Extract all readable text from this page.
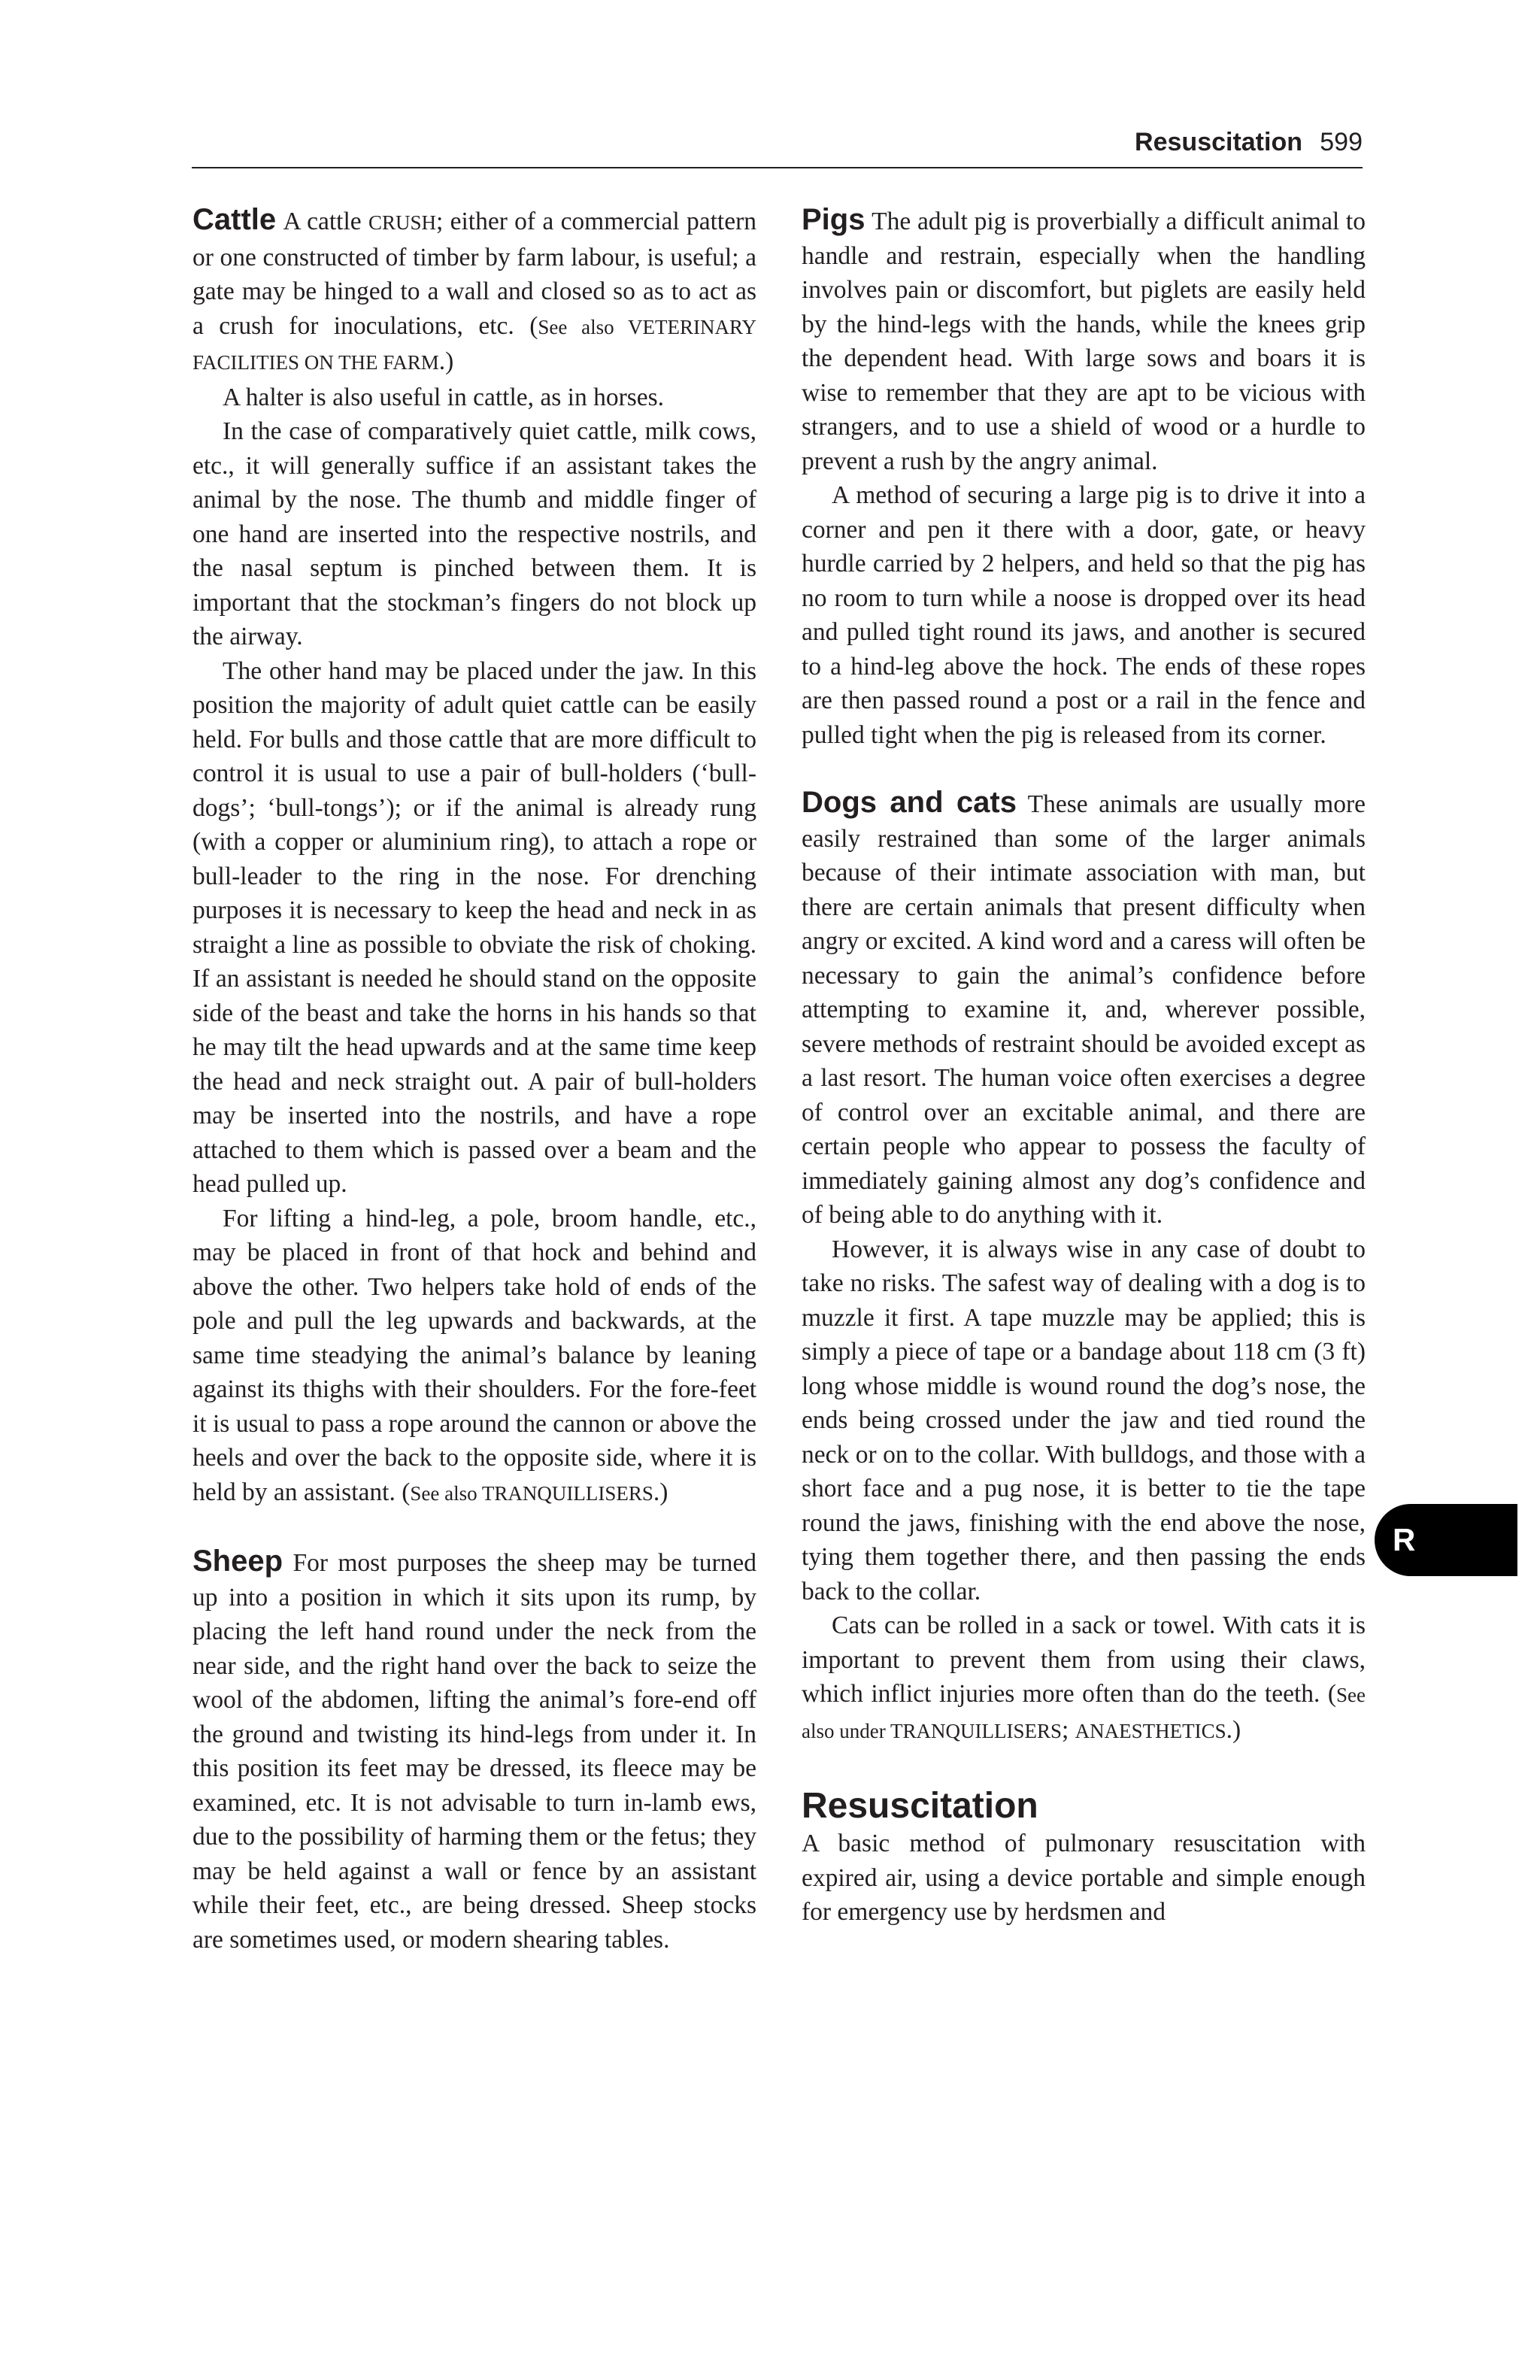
Resuscitation 599

Cattle A cattle CRUSH; either of a commercial pattern or one constructed of timber by farm labour, is useful; a gate may be hinged to a wall and closed so as to act as a crush for inoculations, etc. (See also VETERINARY FACILITIES ON THE FARM.)

A halter is also useful in cattle, as in horses.

In the case of comparatively quiet cattle, milk cows, etc., it will generally suffice if an assistant takes the animal by the nose. The thumb and middle finger of one hand are inserted into the respective nostrils, and the nasal septum is pinched between them. It is important that the stockman’s fingers do not block up the airway.

The other hand may be placed under the jaw. In this position the majority of adult quiet cattle can be easily held. For bulls and those cattle that are more difficult to control it is usual to use a pair of bull-holders (‘bull-dogs’; ‘bull-tongs’); or if the animal is already rung (with a copper or aluminium ring), to attach a rope or bull-leader to the ring in the nose. For drenching purposes it is necessary to keep the head and neck in as straight a line as possible to obviate the risk of choking. If an assistant is needed he should stand on the opposite side of the beast and take the horns in his hands so that he may tilt the head upwards and at the same time keep the head and neck straight out. A pair of bull-holders may be inserted into the nostrils, and have a rope attached to them which is passed over a beam and the head pulled up.

For lifting a hind-leg, a pole, broom handle, etc., may be placed in front of that hock and behind and above the other. Two helpers take hold of ends of the pole and pull the leg upwards and backwards, at the same time steadying the animal’s balance by leaning against its thighs with their shoulders. For the fore-feet it is usual to pass a rope around the cannon or above the heels and over the back to the opposite side, where it is held by an assistant. (See also TRANQUILLISERS.)

Sheep For most purposes the sheep may be turned up into a position in which it sits upon its rump, by placing the left hand round under the neck from the near side, and the right hand over the back to seize the wool of the abdomen, lifting the animal’s fore-end off the ground and twisting its hind-legs from under it. In this position its feet may be dressed, its fleece may be examined, etc. It is not advisable to turn in-lamb ews, due to the possibility of harming them or the fetus; they may be held against a wall or fence by an assistant while their feet, etc., are being dressed. Sheep stocks are sometimes used, or modern shearing tables.

Pigs The adult pig is proverbially a difficult animal to handle and restrain, especially when the handling involves pain or discomfort, but piglets are easily held by the hind-legs with the hands, while the knees grip the dependent head. With large sows and boars it is wise to remember that they are apt to be vicious with strangers, and to use a shield of wood or a hurdle to prevent a rush by the angry animal.

A method of securing a large pig is to drive it into a corner and pen it there with a door, gate, or heavy hurdle carried by 2 helpers, and held so that the pig has no room to turn while a noose is dropped over its head and pulled tight round its jaws, and another is secured to a hind-leg above the hock. The ends of these ropes are then passed round a post or a rail in the fence and pulled tight when the pig is released from its corner.

Dogs and cats These animals are usually more easily restrained than some of the larger animals because of their intimate association with man, but there are certain animals that present difficulty when angry or excited. A kind word and a caress will often be necessary to gain the animal’s confidence before attempting to examine it, and, wherever possible, severe methods of restraint should be avoided except as a last resort. The human voice often exercises a degree of control over an excitable animal, and there are certain people who appear to possess the faculty of immediately gaining almost any dog’s confidence and of being able to do anything with it.

However, it is always wise in any case of doubt to take no risks. The safest way of dealing with a dog is to muzzle it first. A tape muzzle may be applied; this is simply a piece of tape or a bandage about 118 cm (3 ft) long whose middle is wound round the dog’s nose, the ends being crossed under the jaw and tied round the neck or on to the collar. With bulldogs, and those with a short face and a pug nose, it is better to tie the tape round the jaws, finishing with the end above the nose, tying them together there, and then passing the ends back to the collar.

Cats can be rolled in a sack or towel. With cats it is important to prevent them from using their claws, which inflict injuries more often than do the teeth. (See also under TRANQUILLISERS; ANAESTHETICS.)

Resuscitation

A basic method of pulmonary resuscitation with expired air, using a device portable and simple enough for emergency use by herdsmen and

R
